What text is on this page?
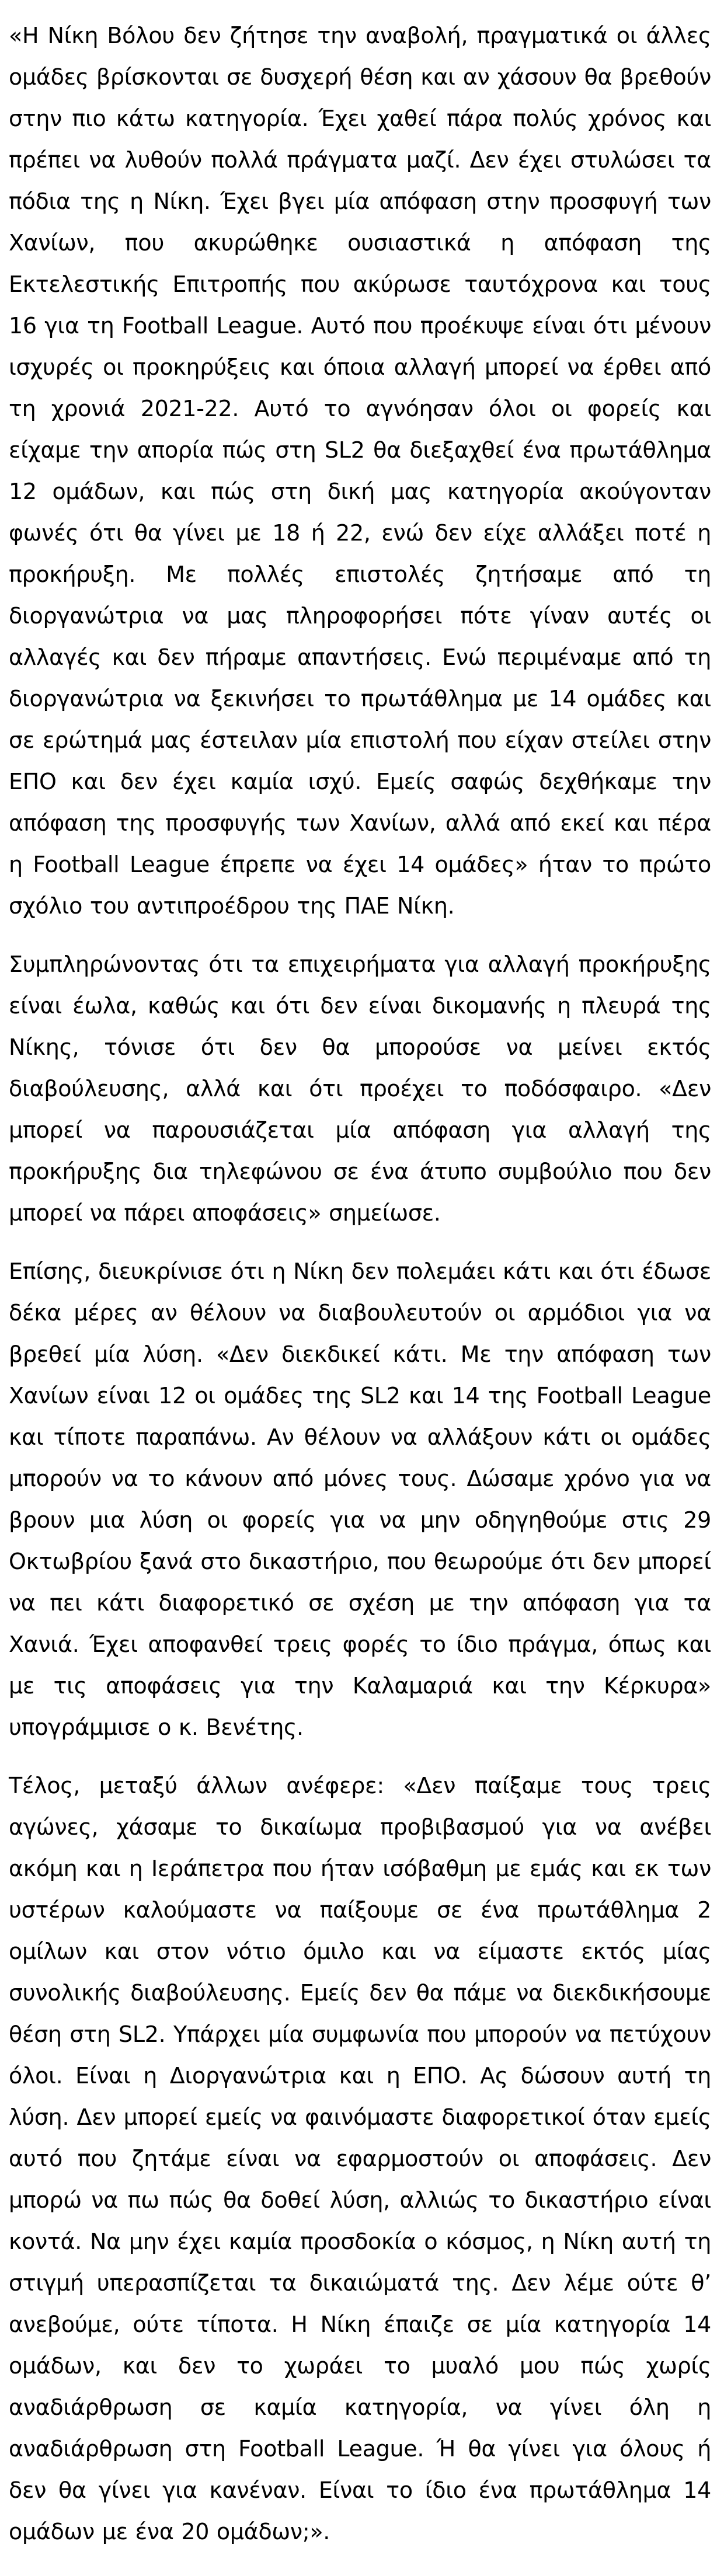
«Η Νίκη Βόλου δεν ζήτησε την αναβολή, πραγματικά οι άλλες ομάδες βρίσκονται σε δυσχερή θέση και αν χάσουν θα βρεθούν στην πιο κάτω κατηγορία. Έχει χαθεί πάρα πολύς χρόνος και πρέπει να λυθούν πολλά πράγματα μαζί. Δεν έχει στυλώσει τα πόδια της η Νίκη. Έχει βγει μία απόφαση στην προσφυγή των Χανίων, που ακυρώθηκε ουσιαστικά η απόφαση της Εκτελεστικής Επιτροπής που ακύρωσε ταυτόχρονα και τους 16 για τη Football League. Αυτό που προέκυψε είναι ότι μένουν ισχυρές οι προκηρύξεις και όποια αλλαγή μπορεί να έρθει από τη χρονιά 2021-22. Αυτό το αγνόησαν όλοι οι φορείς και είχαμε την απορία πώς στη SL2 θα διεξαχθεί ένα πρωτάθλημα 12 ομάδων, και πώς στη δική μας κατηγορία ακούγονταν φωνές ότι θα γίνει με 18 ή 22, ενώ δεν είχε αλλάξει ποτέ η προκήρυξη. Με πολλές επιστολές ζητήσαμε από τη διοργανώτρια να μας πληροφορήσει πότε γίναν αυτές οι αλλαγές και δεν πήραμε απαντήσεις. Ενώ περιμέναμε από τη διοργανώτρια να ξεκινήσει το πρωτάθλημα με 14 ομάδες και σε ερώτημά μας έστειλαν μία επιστολή που είχαν στείλει στην ΕΠΟ και δεν έχει καμία ισχύ. Εμείς σαφώς δεχθήκαμε την απόφαση της προσφυγής των Χανίων, αλλά από εκεί και πέρα η Football League έπρεπε να έχει 14 ομάδες» ήταν το πρώτο σχόλιο του αντιπροέδρου της ΠΑΕ Νίκη.

Συμπληρώνοντας ότι τα επιχειρήματα για αλλαγή προκήρυξης είναι έωλα, καθώς και ότι δεν είναι δικομανής η πλευρά της Νίκης, τόνισε ότι δεν θα μπορούσε να μείνει εκτός διαβούλευσης, αλλά και ότι προέχει το ποδόσφαιρο. «Δεν μπορεί να παρουσιάζεται μία απόφαση για αλλαγή της προκήρυξης δια τηλεφώνου σε ένα άτυπο συμβούλιο που δεν μπορεί να πάρει αποφάσεις» σημείωσε.

Επίσης, διευκρίνισε ότι η Νίκη δεν πολεμάει κάτι και ότι έδωσε δέκα μέρες αν θέλουν να διαβουλευτούν οι αρμόδιοι για να βρεθεί μία λύση. «Δεν διεκδικεί κάτι. Με την απόφαση των Χανίων είναι 12 οι ομάδες της SL2 και 14 της Football League και τίποτε παραπάνω. Αν θέλουν να αλλάξουν κάτι οι ομάδες μπορούν να το κάνουν από μόνες τους. Δώσαμε χρόνο για να βρουν μια λύση οι φορείς για να μην οδηγηθούμε στις 29 Οκτωβρίου ξανά στο δικαστήριο, που θεωρούμε ότι δεν μπορεί να πει κάτι διαφορετικό σε σχέση με την απόφαση για τα Χανιά. Έχει αποφανθεί τρεις φορές το ίδιο πράγμα, όπως και με τις αποφάσεις για την Καλαμαριά και την Κέρκυρα» υπογράμμισε ο κ. Βενέτης.

Τέλος, μεταξύ άλλων ανέφερε: «Δεν παίξαμε τους τρεις αγώνες, χάσαμε το δικαίωμα προβιβασμού για να ανέβει ακόμη και η Ιεράπετρα που ήταν ισόβαθμη με εμάς και εκ των υστέρων καλούμαστε να παίξουμε σε ένα πρωτάθλημα 2 ομίλων και στον νότιο όμιλο και να είμαστε εκτός μίας συνολικής διαβούλευσης. Εμείς δεν θα πάμε να διεκδικήσουμε θέση στη SL2. Υπάρχει μία συμφωνία που μπορούν να πετύχουν όλοι. Είναι η Διοργανώτρια και η ΕΠΟ. Ας δώσουν αυτή τη λύση. Δεν μπορεί εμείς να φαινόμαστε διαφορετικοί όταν εμείς αυτό που ζητάμε είναι να εφαρμοστούν οι αποφάσεις. Δεν μπορώ να πω πώς θα δοθεί λύση, αλλιώς το δικαστήριο είναι κοντά. Να μην έχει καμία προσδοκία ο κόσμος, η Νίκη αυτή τη στιγμή υπερασπίζεται τα δικαιώματά της. Δεν λέμε ούτε θ’ ανεβούμε, ούτε τίποτα. Η Νίκη έπαιζε σε μία κατηγορία 14 ομάδων, και δεν το χωράει το μυαλό μου πώς χωρίς αναδιάρθρωση σε καμία κατηγορία, να γίνει όλη η αναδιάρθρωση στη Football League. Ή θα γίνει για όλους ή δεν θα γίνει για κανέναν. Είναι το ίδιο ένα πρωτάθλημα 14 ομάδων με ένα 20 ομάδων;».
